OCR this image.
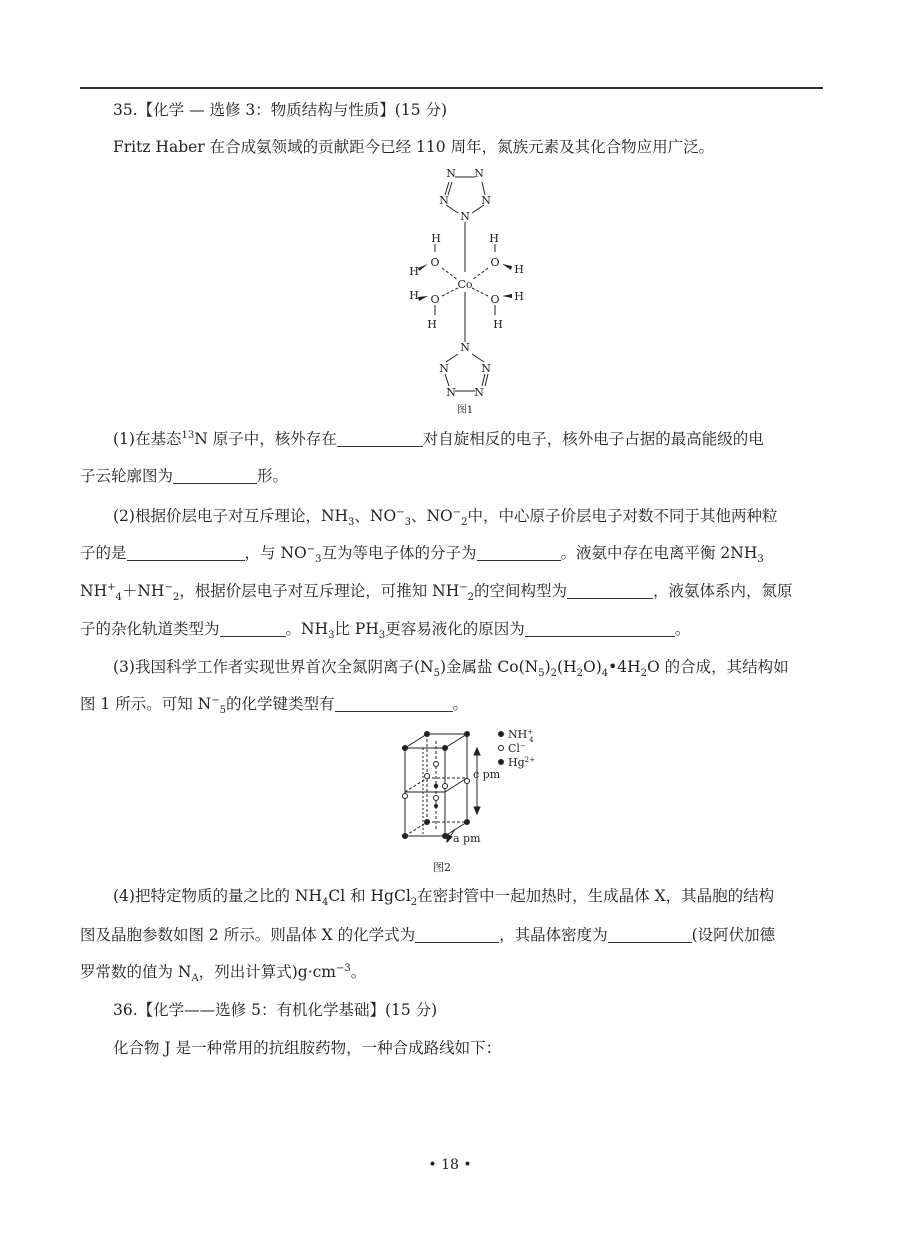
35.【化学 — 选修 3：物质结构与性质】(15 分)
Fritz Haber 在合成氨领域的贡献距今已经 110 周年，氮族元素及其化合物应用广泛。
N N
N	N
N
N
N	N
N N
Co
O	O
O	O
H	H
H	H
H	H
H	H
图1
(1)在基态$^{13}$N 原子中，核外存在	对自旋相反的电子，核外电子占据的最高能级的电
子云轮廓图为	形。
(2)根据价层电子对互斥理论，$NH_3$、$NO^-_3$、$NO^-_2$中，中心原子价层电子对数不同于其他两种粒
子的是	，与 $NO^-_3$互为等电子体的分子为	。液氨中存在电离平衡 $2NH_3$
$NH^+_4+NH^-_2$，根据价层电子对互斥理论，可推知 $NH^-_2$的空间构型为	，液氨体系内，氮原
子的杂化轨道类型为	。$NH_3$比 $PH_3$更容易液化的原因为	。
(3)我国科学工作者实现世界首次全氮阴离子$(N_5)$金属盐 $Co(N_5)_2(H_2O)_4•4H_2O$ 的合成，其结构如
图 1 所示。可知 $N^-_5$的化学键类型有	。
NH+ 4
Cl−
$Hg^{2+}$
c pm
a pm
图2
(4)把特定物质的量之比的 $NH_4Cl$ 和 HgCl$_2$在密封管中一起加热时，生成晶体 X，其晶胞的结构
图及晶胞参数如图 2 所示。则晶体 X 的化学式为	，其晶体密度为	(设阿伏加德
罗常数的值为 $N_A$，列出计算式)$g\cdot cm^{-3}$。
36.【化学——选修 5：有机化学基础】(15 分)
化合物 J 是一种常用的抗组胺药物，一种合成路线如下：
• 18 •
